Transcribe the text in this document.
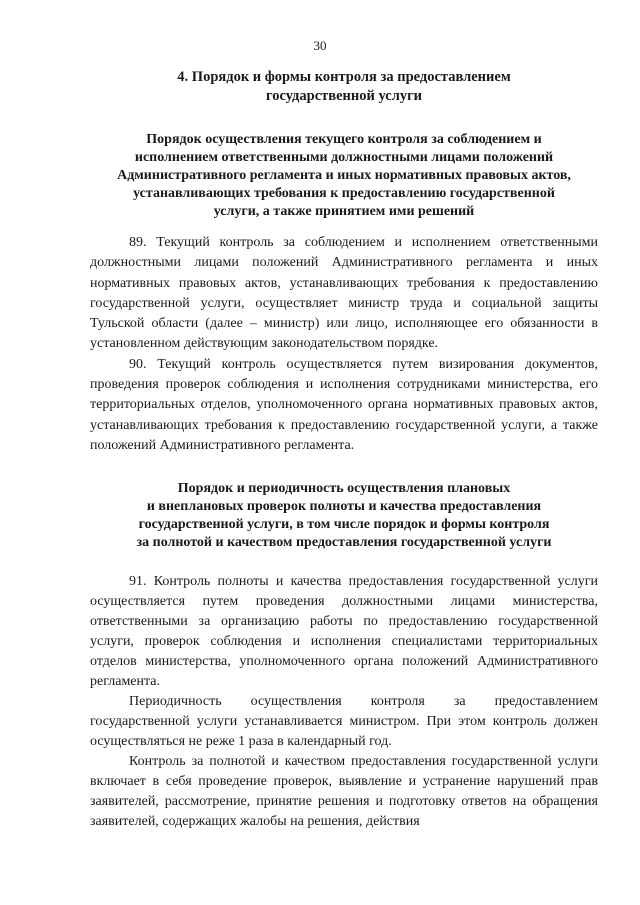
30
4. Порядок и формы контроля за предоставлением
государственной услуги
Порядок осуществления текущего контроля за соблюдением и
исполнением ответственными должностными лицами положений
Административного регламента и иных нормативных правовых актов,
устанавливающих требования к предоставлению государственной
услуги, а также принятием ими решений

89. Текущий контроль за соблюдением и исполнением ответственными должностными лицами положений Административного регламента и иных нормативных правовых актов, устанавливающих требования к предоставлению государственной услуги, осуществляет министр труда и социальной защиты Тульской области (далее – министр) или лицо, исполняющее его обязанности в установленном действующим законодательством порядке.

90. Текущий контроль осуществляется путем визирования документов, проведения проверок соблюдения и исполнения сотрудниками министерства, его территориальных отделов, уполномоченного органа нормативных правовых актов, устанавливающих требования к предоставлению государственной услуги, а также положений Административного регламента.

Порядок и периодичность осуществления плановых
и внеплановых проверок полноты и качества предоставления
государственной услуги, в том числе порядок и формы контроля
за полнотой и качеством предоставления государственной услуги

91. Контроль полноты и качества предоставления государственной услуги осуществляется путем проведения должностными лицами министерства, ответственными за организацию работы по предоставлению государственной услуги, проверок соблюдения и исполнения специалистами территориальных отделов министерства, уполномоченного органа положений Административного регламента.

Периодичность осуществления контроля за предоставлением государственной услуги устанавливается министром. При этом контроль должен осуществляться не реже 1 раза в календарный год.

Контроль за полнотой и качеством предоставления государственной услуги включает в себя проведение проверок, выявление и устранение нарушений прав заявителей, рассмотрение, принятие решения и подготовку ответов на обращения заявителей, содержащих жалобы на решения, действия
